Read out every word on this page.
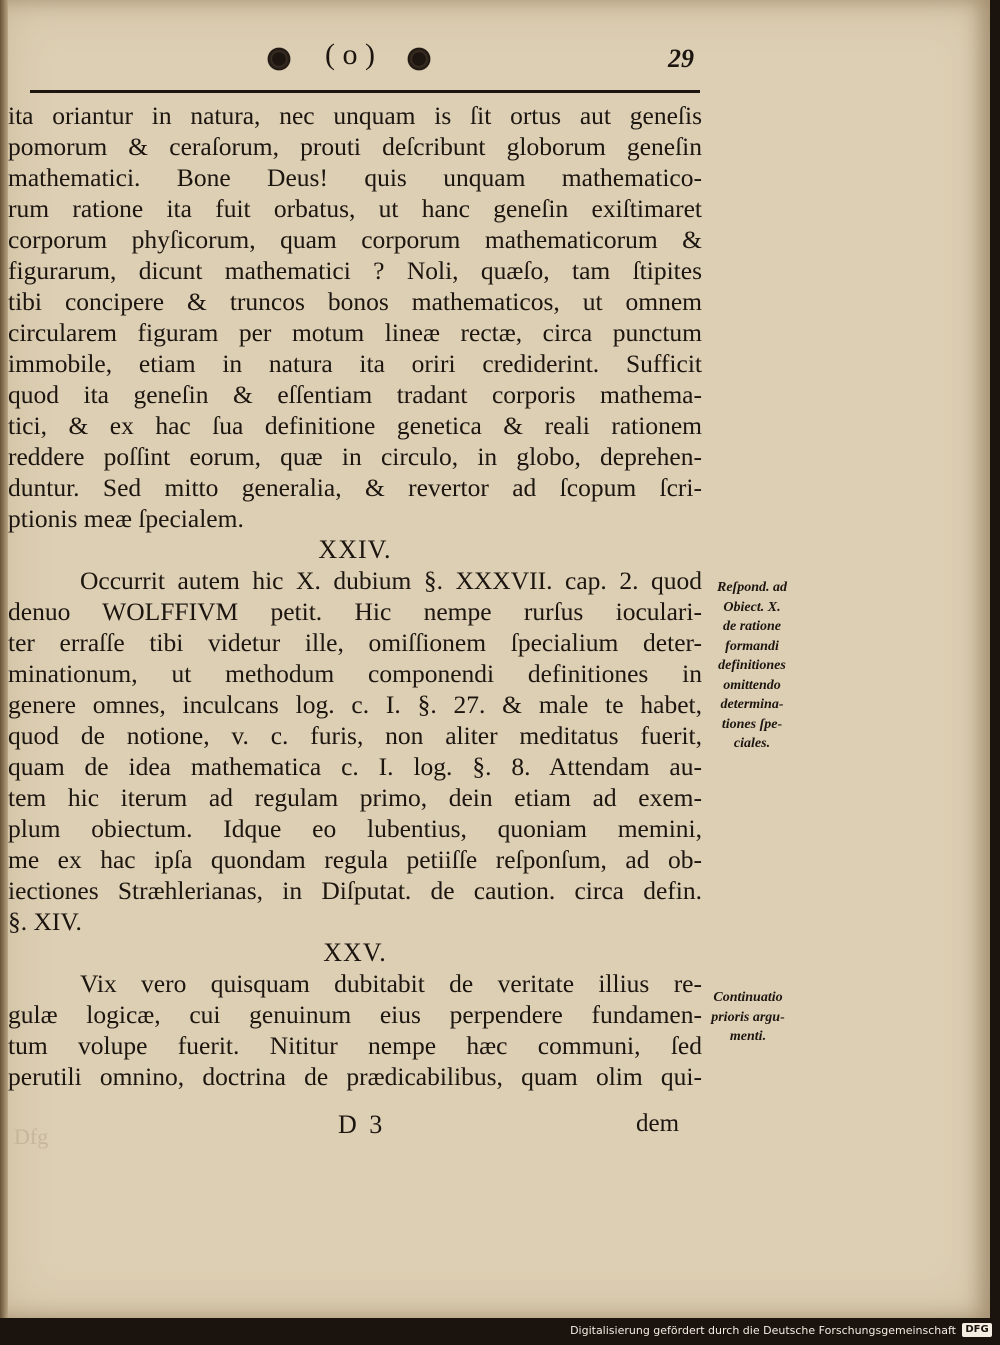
( o )	29
ita oriantur in natura, nec unquam is ſit ortus aut geneſis
pomorum & ceraſorum, prouti deſcribunt globorum geneſin
mathematici. Bone Deus! quis unquam mathematico-
rum ratione ita fuit orbatus, ut hanc geneſin exiſtimaret
corporum phyſicorum, quam corporum mathematicorum &
figurarum, dicunt mathematici ? Noli, quæſo, tam ſtipites
tibi concipere & truncos bonos mathematicos, ut omnem
circularem figuram per motum lineæ rectæ, circa punctum
immobile, etiam in natura ita oriri crediderint. Sufficit
quod ita geneſin & eſſentiam tradant corporis mathema-
tici, & ex hac ſua definitione genetica & reali rationem
reddere poſſint eorum, quæ in circulo, in globo, deprehen-
duntur. Sed mitto generalia, & revertor ad ſcopum ſcri-
ptionis meæ ſpecialem.
XXIV.
Occurrit autem hic X. dubium §. XXXVII. cap. 2. quod
denuo WOLFFIVM petit. Hic nempe rurſus ioculari-
ter erraſſe tibi videtur ille, omiſſionem ſpecialium deter-
minationum, ut methodum componendi definitiones in
genere omnes, inculcans log. c. I. §. 27. & male te habet,
quod de notione, v. c. furis, non aliter meditatus fuerit,
quam de idea mathematica c. I. log. §. 8. Attendam au-
tem hic iterum ad regulam primo, dein etiam ad exem-
plum obiectum. Idque eo lubentius, quoniam memini,
me ex hac ipſa quondam regula petiiſſe reſponſum, ad ob-
iectiones Stræhlerianas, in Diſputat. de caution. circa defin.
§. XIV.
XXV.
Vix vero quisquam dubitabit de veritate illius re-
gulæ logicæ, cui genuinum eius perpendere fundamen-
tum volupe fuerit. Nititur nempe hæc communi, ſed
perutili omnino, doctrina de prædicabilibus, quam olim qui-
Reſpond. ad
Obiect. X.
de ratione
formandi
definitiones
omittendo
determina-
tiones ſpe-
ciales.
Continuatio
prioris argu-
menti.
Dfg	D 3	dem
Digitalisierung gefördert durch die Deutsche Forschungsgemeinschaft DFG
